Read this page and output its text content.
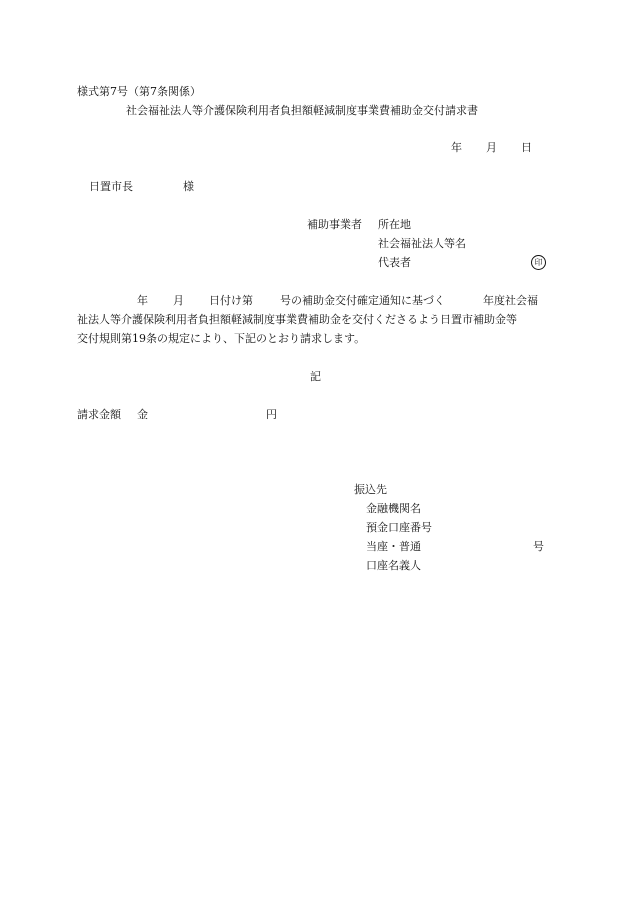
様式第7号（第7条関係）
社会福祉法人等介護保険利用者負担額軽減制度事業費補助金交付請求書
年 月 日
日置市長	様
補助事業者 所在地
社会福祉法人等名
代表者	印
年 月 日付け第 号の補助金交付確定通知に基づく	年度社会福
祉法人等介護保険利用者負担額軽減制度事業費補助金を交付くださるよう日置市補助金等
交付規則第19条の規定により、下記のとおり請求します。
記
請求金額 金	円
振込先
金融機関名
預金口座番号
当座・普通	号
口座名義人
